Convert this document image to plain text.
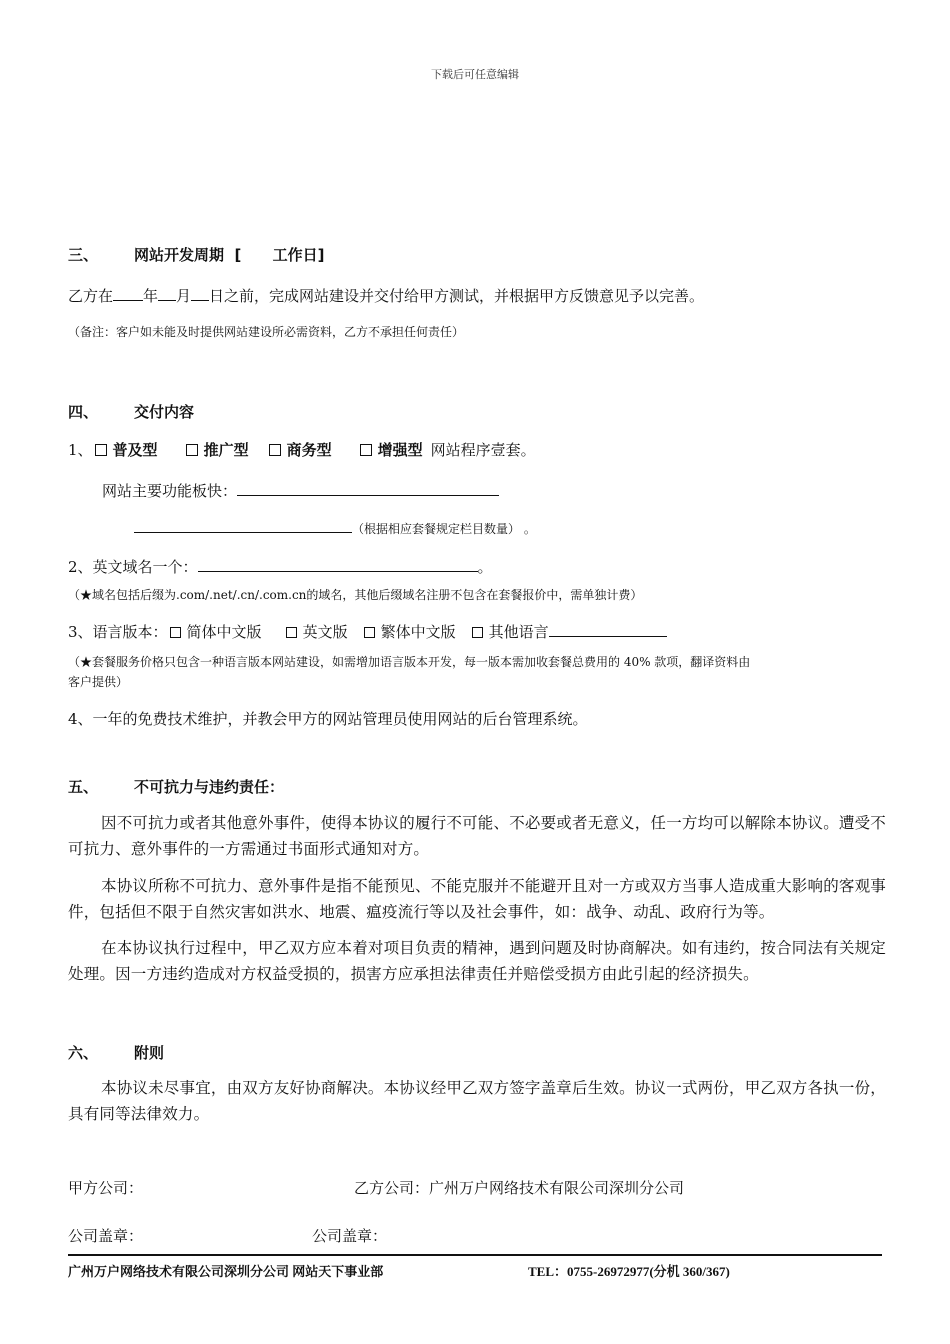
下载后可任意编辑
三、 网站开发周期  [      工作日]
乙方在 年 月 日之前，完成网站建设并交付给甲方测试，并根据甲方反馈意见予以完善。
（备注：客户如未能及时提供网站建设所必需资料，乙方不承担任何责任）
四、 交付内容
1、 普及型	推广型	商务型	增强型 网站程序壹套。
网站主要功能板快：
（根据相应套餐规定栏目数量） 。
2、英文域名一个：	。
（★域名包括后缀为.com/.net/.cn/.com.cn的域名，其他后缀域名注册不包含在套餐报价中，需单独计费）
3、语言版本： 简体中文版	英文版 繁体中文版 其他语言
（★套餐服务价格只包含一种语言版本网站建设，如需增加语言版本开发，每一版本需加收套餐总费用的 40% 款项，翻译资料由
客户提供）
4、一年的免费技术维护，并教会甲方的网站管理员使用网站的后台管理系统。
五、 不可抗力与违约责任：
因不可抗力或者其他意外事件，使得本协议的履行不可能、不必要或者无意义，任一方均可以解除本协议。遭受不可抗力、意外事件的一方需通过书面形式通知对方。
本协议所称不可抗力、意外事件是指不能预见、不能克服并不能避开且对一方或双方当事人造成重大影响的客观事件，包括但不限于自然灾害如洪水、地震、瘟疫流行等以及社会事件，如：战争、动乱、政府行为等。
在本协议执行过程中，甲乙双方应本着对项目负责的精神，遇到问题及时协商解决。如有违约，按合同法有关规定处理。因一方违约造成对方权益受损的，损害方应承担法律责任并赔偿受损方由此引起的经济损失。
六、 附则
本协议未尽事宜，由双方友好协商解决。本协议经甲乙双方签字盖章后生效。协议一式两份，甲乙双方各执一份，具有同等法律效力。
甲方公司：	乙方公司：广州万户网络技术有限公司深圳分公司
公司盖章：	公司盖章：
广州万户网络技术有限公司深圳分公司 网站天下事业部	TEL：0755-26972977(分机 360/367)
